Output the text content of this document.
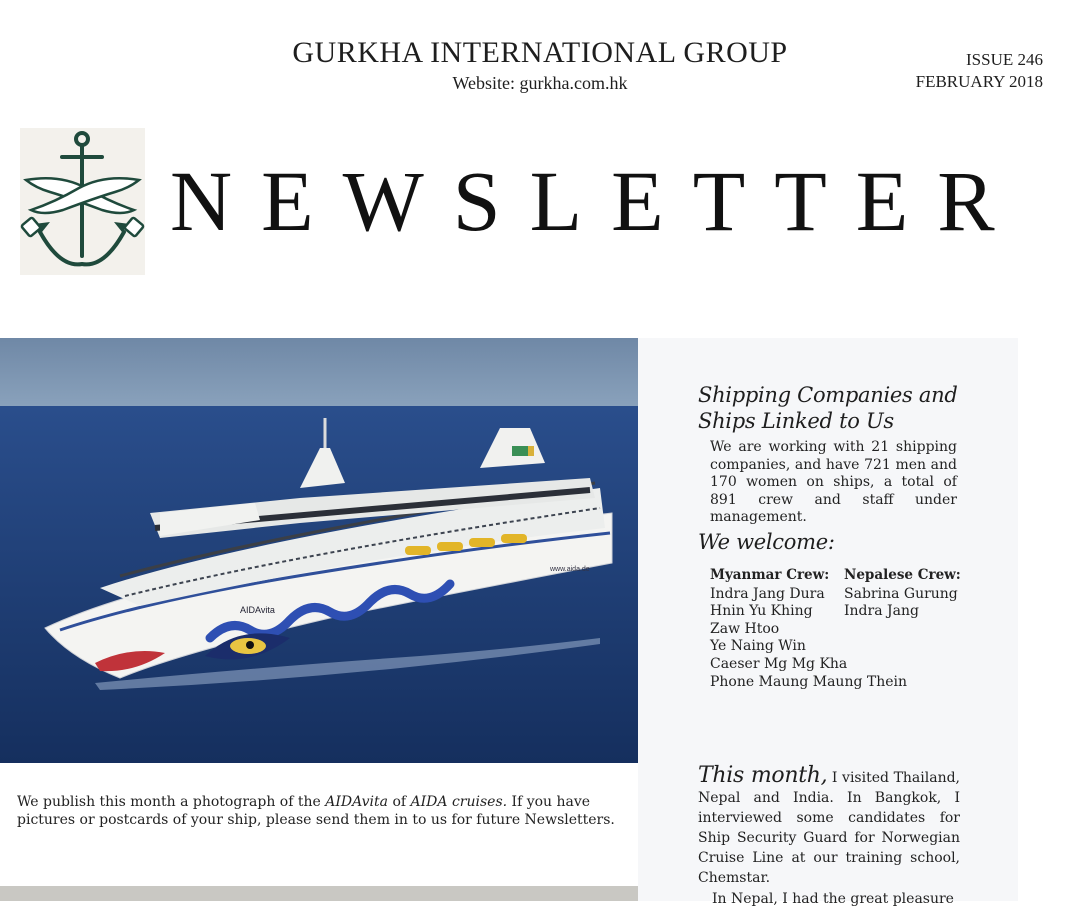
GURKHA INTERNATIONAL GROUP
Website: gurkha.com.hk
ISSUE 246
FEBRUARY 2018
NEWSLETTER
AIDAvita
www.aida.de
Shipping Companies and
Ships Linked to Us
We are working with 21 shipping companies, and have 721 men and 170 women on ships, a total of 891 crew and staff under management.
We welcome:
Myanmar Crew:
Indra Jang Dura
Hnin Yu Khing
Zaw Htoo
Ye Naing Win
Caeser Mg Mg Kha
Phone Maung Maung Thein
Nepalese Crew:
Sabrina Gurung
Indra Jang
We publish this month a photograph of the AIDAvita of AIDA cruises. If you have pictures or postcards of your ship, please send them in to us for future Newsletters.
This month, I visited Thailand, Nepal and India. In Bangkok, I interviewed some candidates for Ship Security Guard for Norwegian Cruise Line at our training school, Chemstar.
In Nepal, I had the great pleasure
